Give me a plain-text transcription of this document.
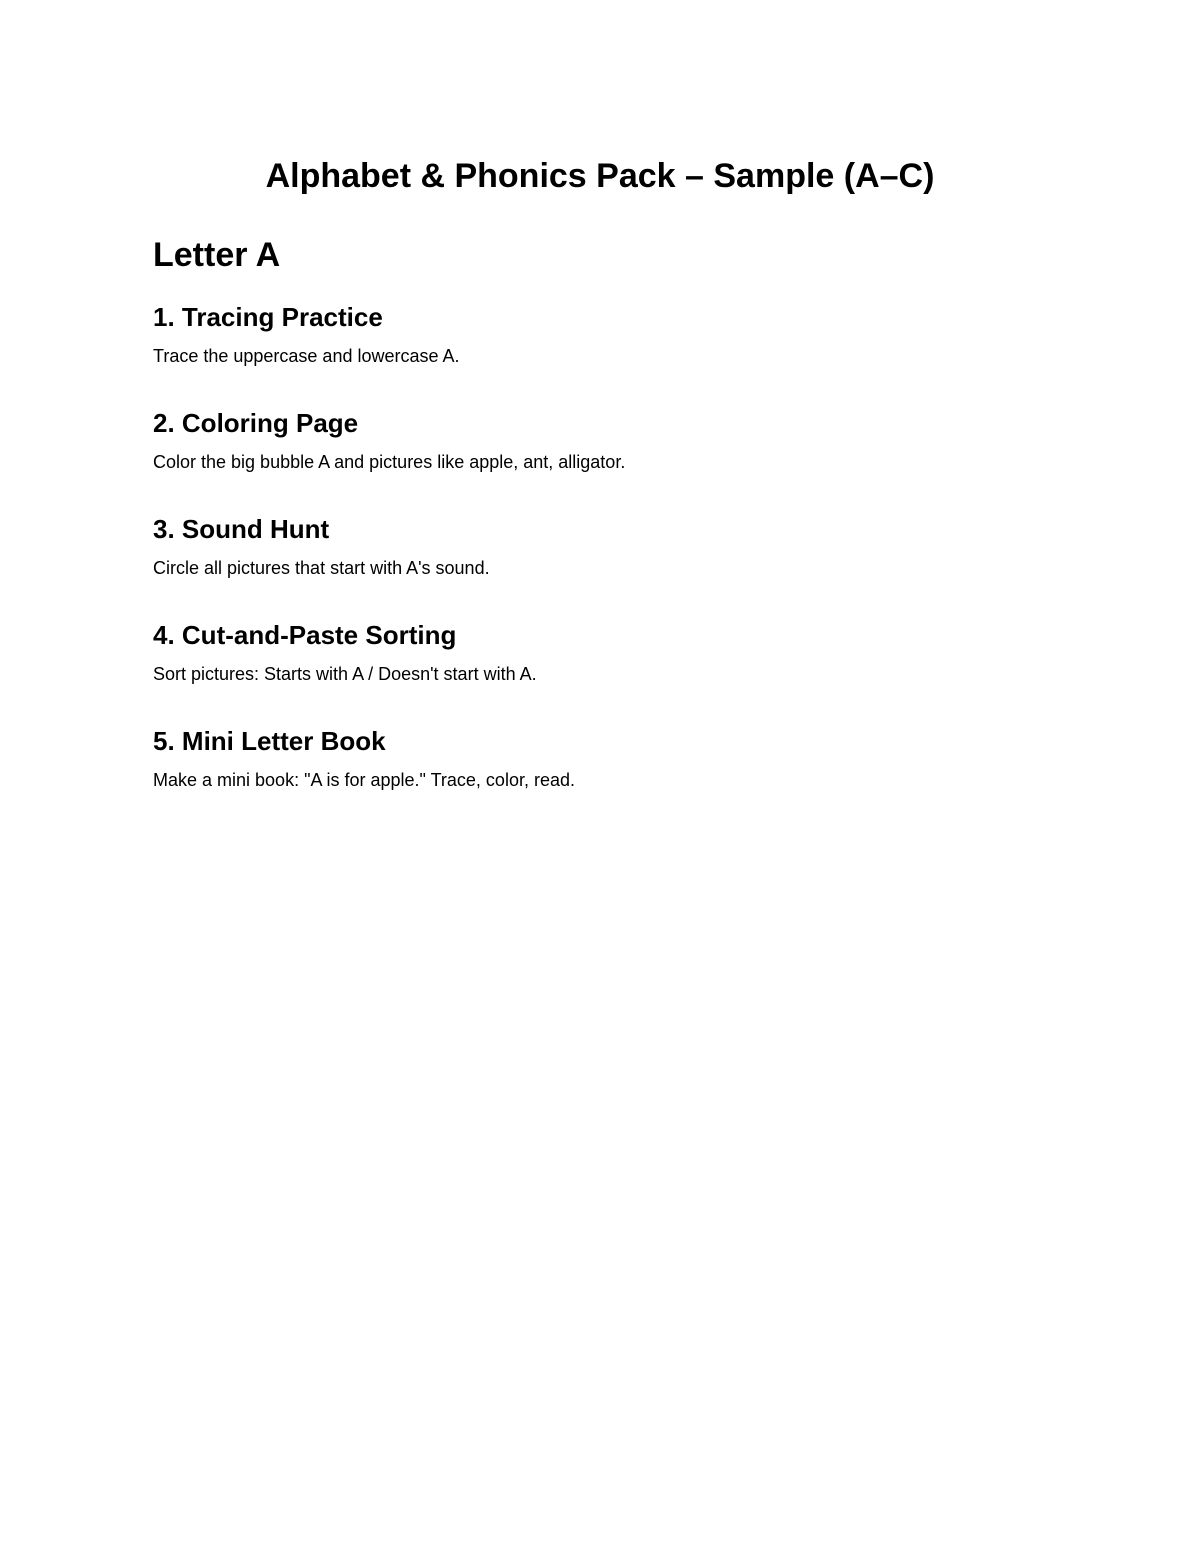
Alphabet & Phonics Pack – Sample (A–C)
Letter A
1. Tracing Practice

Trace the uppercase and lowercase A.

2. Coloring Page

Color the big bubble A and pictures like apple, ant, alligator.

3. Sound Hunt

Circle all pictures that start with A's sound.

4. Cut-and-Paste Sorting

Sort pictures: Starts with A / Doesn't start with A.

5. Mini Letter Book

Make a mini book: "A is for apple." Trace, color, read.
